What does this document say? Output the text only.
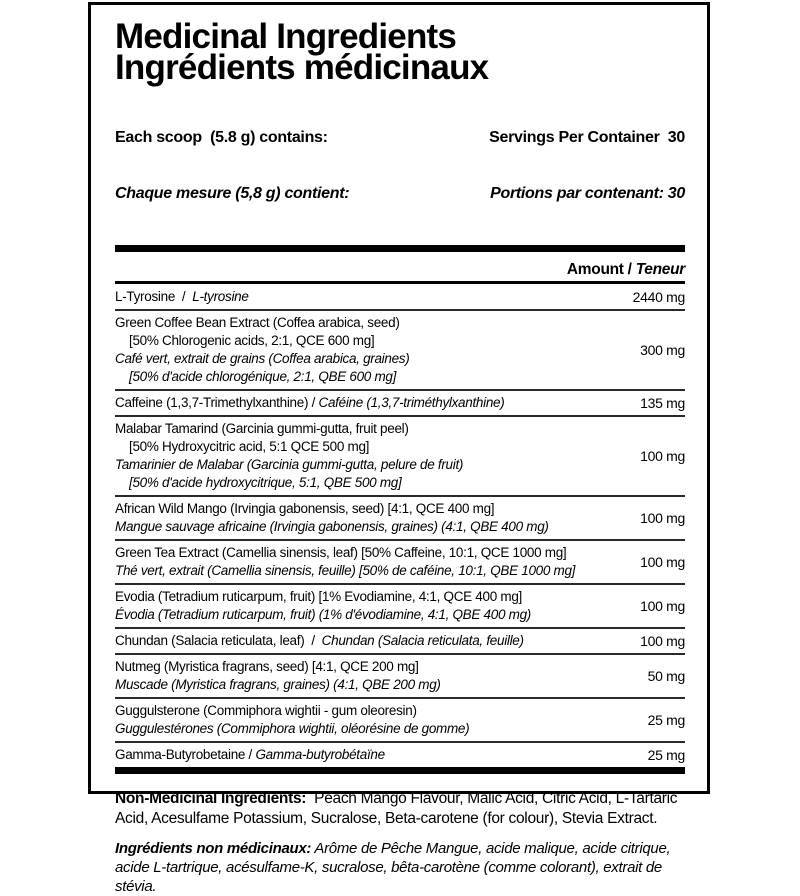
Medicinal Ingredients
Ingrédients médicinaux

Each scoop  (5.8 g) contains:

Chaque mesure (5,8 g) contient:

Servings Per Container  30

Portions par contenant: 30

Amount / Teneur
L-Tyrosine  /  L-tyrosine	2440 mg
Green Coffee Bean Extract (Coffea arabica, seed)
[50% Chlorogenic acids, 2:1, QCE 600 mg]
Café vert, extrait de grains (Coffea arabica, graines)
[50% d'acide chlorogénique, 2:1, QBE 600 mg]
300 mg
Caffeine (1,3,7-Trimethylxanthine) / Caféine (1,3,7-triméthylxanthine)	135 mg
Malabar Tamarind (Garcinia gummi-gutta, fruit peel)
[50% Hydroxycitric acid, 5:1 QCE 500 mg]
Tamarinier de Malabar (Garcinia gummi-gutta, pelure de fruit)
[50% d'acide hydroxycitrique, 5:1, QBE 500 mg]
100 mg
African Wild Mango (Irvingia gabonensis, seed) [4:1, QCE 400 mg]
Mangue sauvage africaine (Irvingia gabonensis, graines) (4:1, QBE 400 mg)
100 mg
Green Tea Extract (Camellia sinensis, leaf) [50% Caffeine, 10:1, QCE 1000 mg]
Thé vert, extrait (Camellia sinensis, feuille) [50% de caféine, 10:1, QBE 1000 mg]
100 mg
Evodia (Tetradium ruticarpum, fruit) [1% Evodiamine, 4:1, QCE 400 mg]
Évodia (Tetradium ruticarpum, fruit) (1% d'évodiamine, 4:1, QBE 400 mg)
100 mg
Chundan (Salacia reticulata, leaf)  /  Chundan (Salacia reticulata, feuille)	100 mg
Nutmeg (Myristica fragrans, seed) [4:1, QCE 200 mg]
Muscade (Myristica fragrans, graines) (4:1, QBE 200 mg)
50 mg
Guggulsterone (Commiphora wightii - gum oleoresin)
Guggulestérones (Commiphora wightii, oléorésine de gomme)
25 mg
Gamma-Butyrobetaine / Gamma-butyrobétaïne	25 mg
Non-Medicinal Ingredients:  Peach Mango Flavour, Malic Acid, Citric Acid, L-Tartaric Acid, Acesulfame Potassium, Sucralose, Beta-carotene (for colour), Stevia Extract.
Ingrédients non médicinaux: Arôme de Pêche Mangue, acide malique, acide citrique, acide L-tartrique, acésulfame-K, sucralose, bêta-carotène (comme colorant), extrait de stévia.
